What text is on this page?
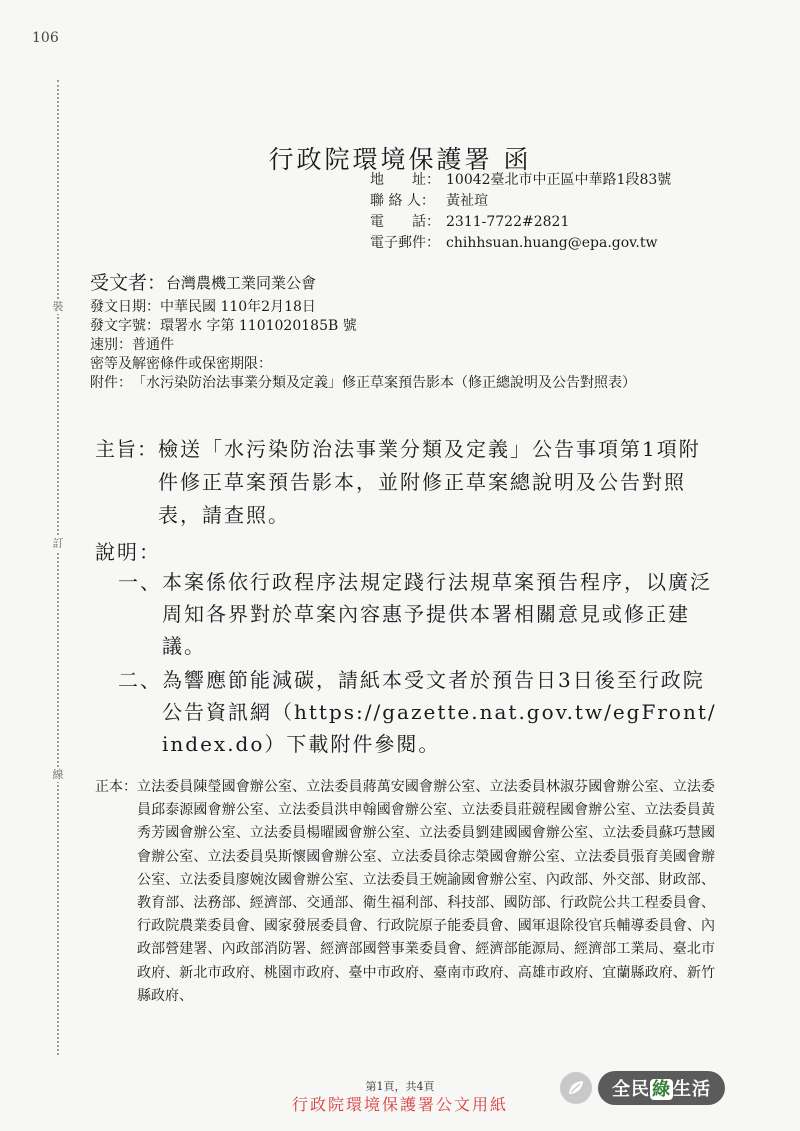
106
裝
訂
線
行政院環境保護署 函
地　　址： 10042臺北市中正區中華路1段83號
聯 絡 人： 黃祉瑄
電　　話： 2311-7722#2821
電子郵件： chihhsuan.huang@epa.gov.tw
受文者： 台灣農機工業同業公會
發文日期： 中華民國 110年2月18日
發文字號： 環署水 字第 1101020185B 號
速別： 普通件
密等及解密條件或保密期限：
附件： 「水污染防治法事業分類及定義」修正草案預告影本（修正總說明及公告對照表）
主旨： 檢送「水污染防治法事業分類及定義」公告事項第1項附件修正草案預告影本，並附修正草案總說明及公告對照表，請查照。
說明：
一、 本案係依行政程序法規定踐行法規草案預告程序，以廣泛周知各界對於草案內容惠予提供本署相關意見或修正建議。
二、 為響應節能減碳，請紙本受文者於預告日3日後至行政院公告資訊網（https://gazette.nat.gov.tw/egFront/index.do）下載附件參閱。
正本： 立法委員陳瑩國會辦公室、立法委員蔣萬安國會辦公室、立法委員林淑芬國會辦公室、立法委員邱泰源國會辦公室、立法委員洪申翰國會辦公室、立法委員莊競程國會辦公室、立法委員黃秀芳國會辦公室、立法委員楊曜國會辦公室、立法委員劉建國國會辦公室、立法委員蘇巧慧國會辦公室、立法委員吳斯懷國會辦公室、立法委員徐志榮國會辦公室、立法委員張育美國會辦公室、立法委員廖婉汝國會辦公室、立法委員王婉諭國會辦公室、內政部、外交部、財政部、教育部、法務部、經濟部、交通部、衛生福利部、科技部、國防部、行政院公共工程委員會、行政院農業委員會、國家發展委員會、行政院原子能委員會、國軍退除役官兵輔導委員會、內政部營建署、內政部消防署、經濟部國營事業委員會、經濟部能源局、經濟部工業局、臺北市政府、新北市政府、桃園市政府、臺中市政府、臺南市政府、高雄市政府、宜蘭縣政府、新竹縣政府、
第1頁，共4頁
行政院環境保護署公文用紙
全民 綠 生活
